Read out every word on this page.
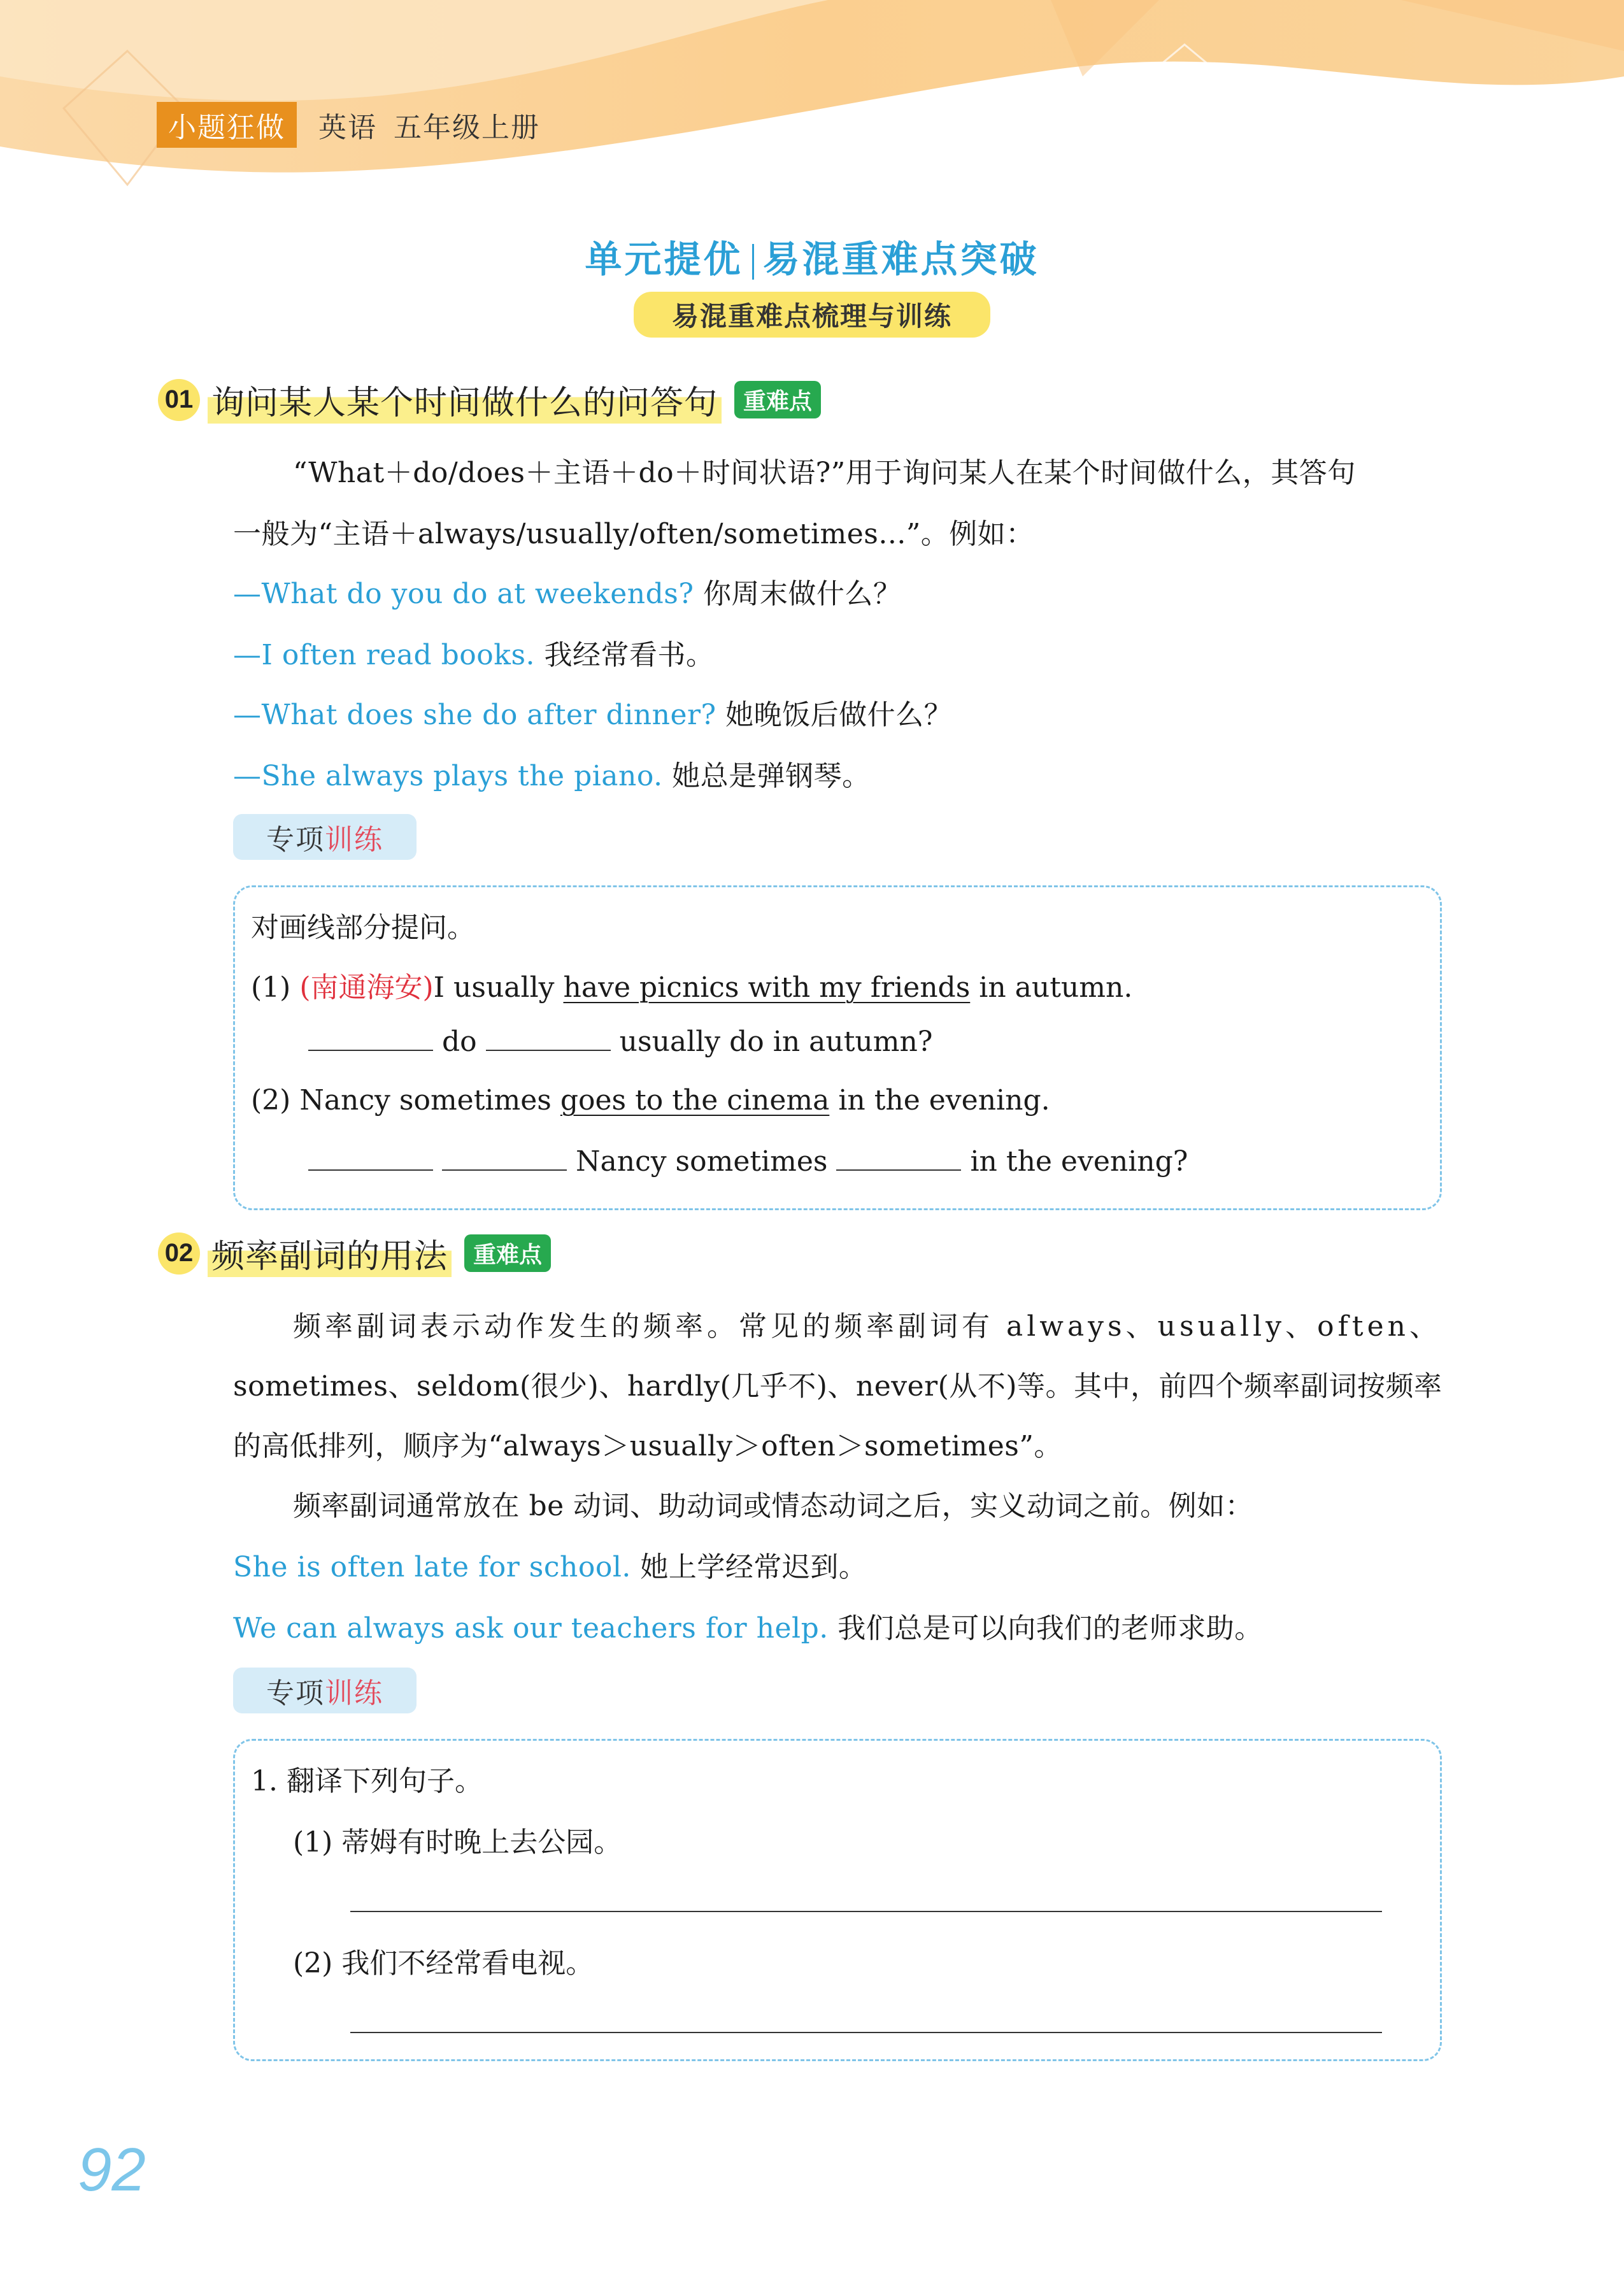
小题狂做	英语 五年级上册
单元提优 易混重难点突破
易混重难点梳理与训练
01 询问某人某个时间做什么的问答句	重难点
“What＋do/does＋主语＋do＋时间状语?”用于询问某人在某个时间做什么，其答句
一般为“主语＋always/usually/often/sometimes...”。例如：
—What do you do at weekends? 你周末做什么？
—I often read books. 我经常看书。
—What does she do after dinner? 她晚饭后做什么？
—She always plays the piano. 她总是弹钢琴。
专项 训练
对画线部分提问。
(1) (南通海安)I usually have picnics with my friends in autumn.
do	usually do in autumn?
(2) Nancy sometimes goes to the cinema in the evening.
Nancy sometimes	in the evening?
02 频率副词的用法	重难点
频率副词表示动作发生的频率。常见的频率副词有 always、usually、often、
sometimes、seldom(很少)、hardly(几乎不)、never(从不)等。其中，前四个频率副词按频率
的高低排列，顺序为“always＞usually＞often＞sometimes”。
频率副词通常放在 be 动词、助动词或情态动词之后，实义动词之前。例如：
She is often late for school. 她上学经常迟到。
We can always ask our teachers for help. 我们总是可以向我们的老师求助。
专项 训练
1. 翻译下列句子。
(1) 蒂姆有时晚上去公园。
(2) 我们不经常看电视。
92
